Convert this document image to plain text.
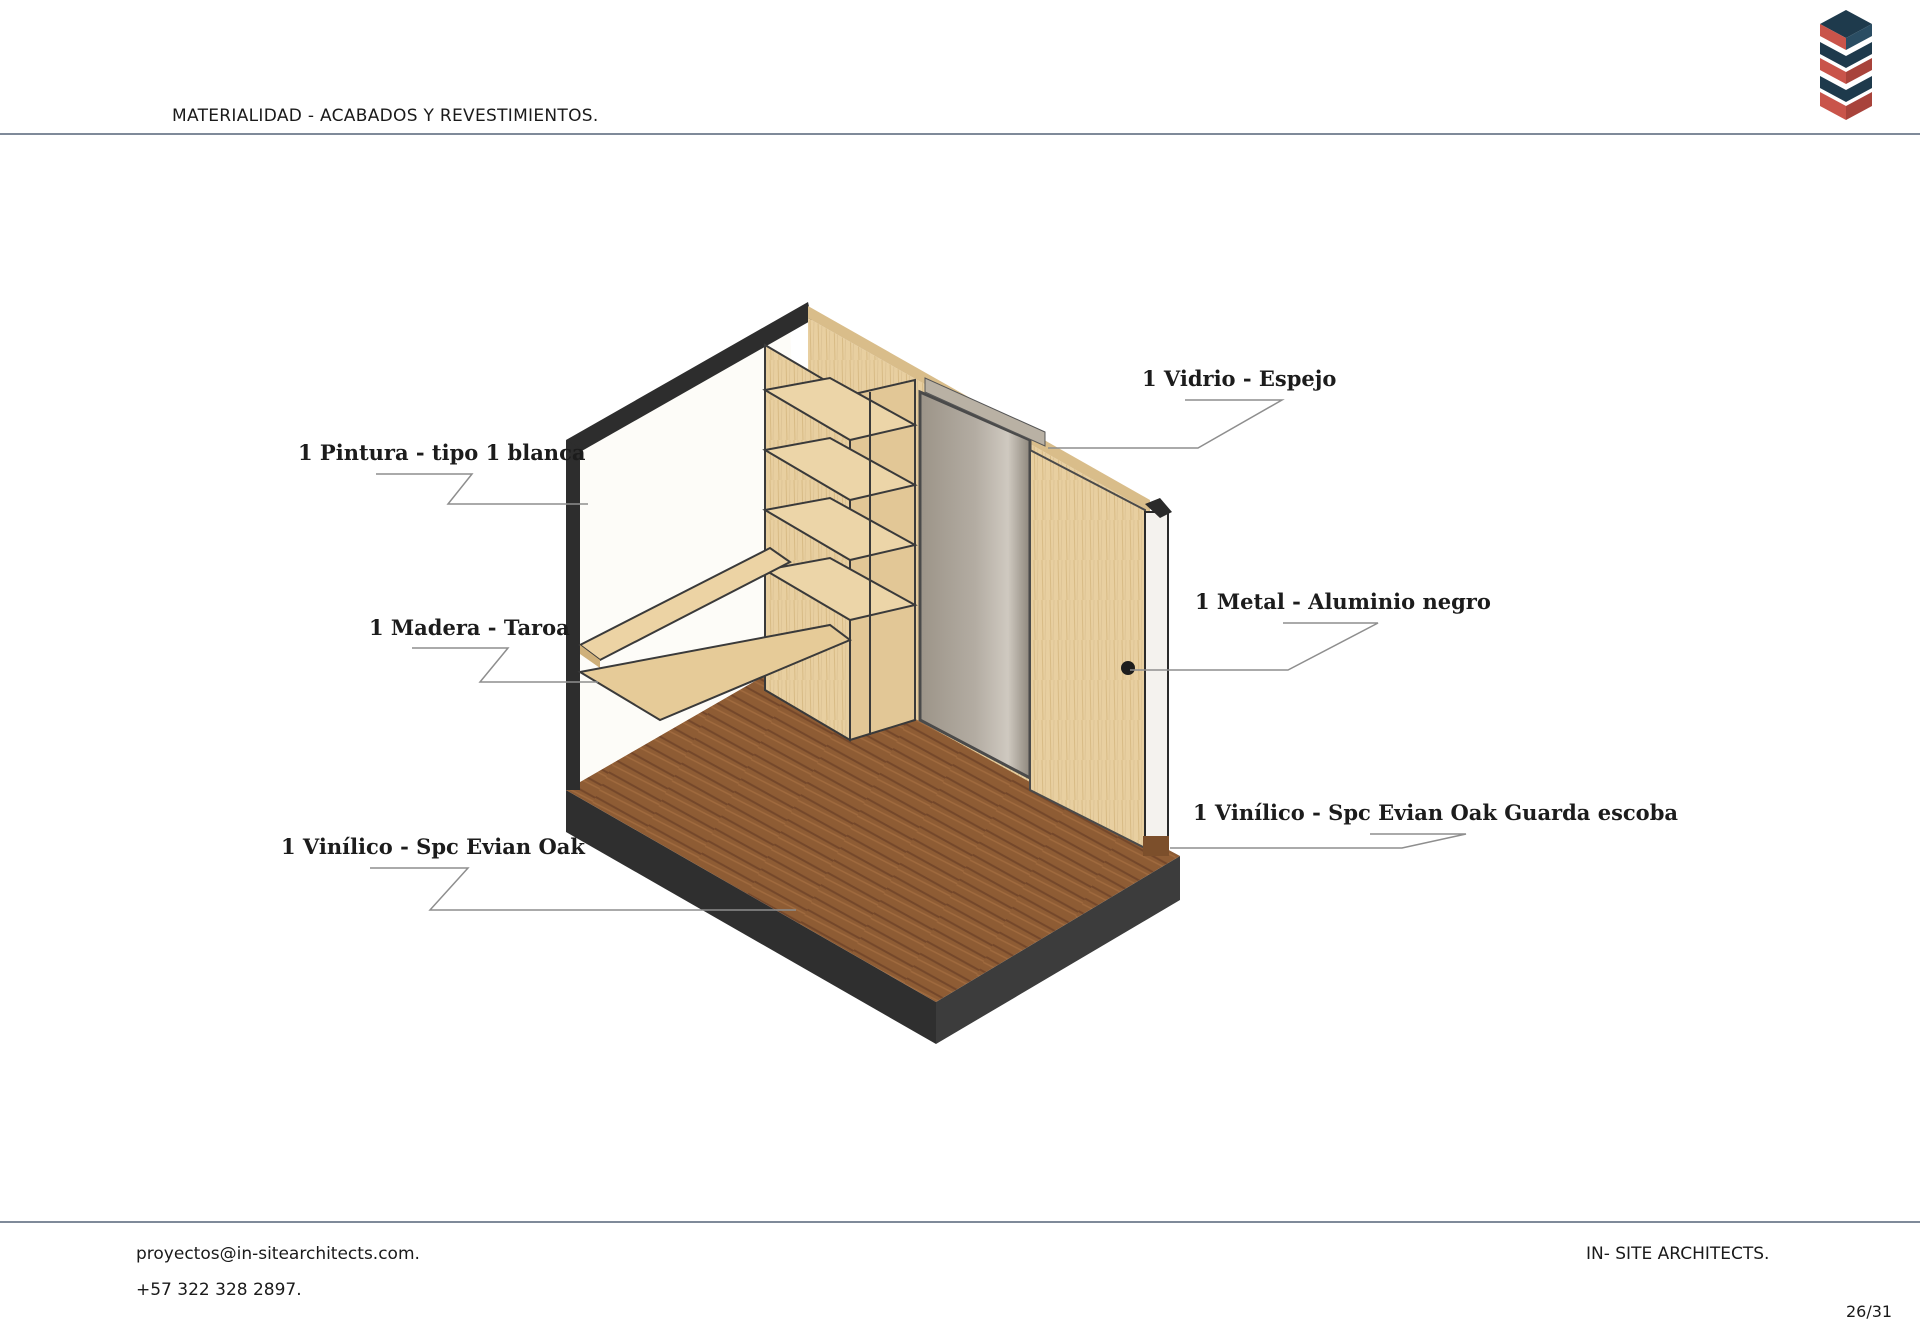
MATERIALIDAD - ACABADOS Y REVESTIMIENTOS.
1 Pintura - tipo 1 blanca
1 Madera - Taroa
1 Vinílico - Spc Evian Oak
1 Vidrio - Espejo
1 Metal - Aluminio negro
1 Vinílico - Spc Evian Oak Guarda escoba
proyectos@in-sitearchitects.com.
+57 322 328 2897.
IN- SITE ARCHITECTS.
26/31
